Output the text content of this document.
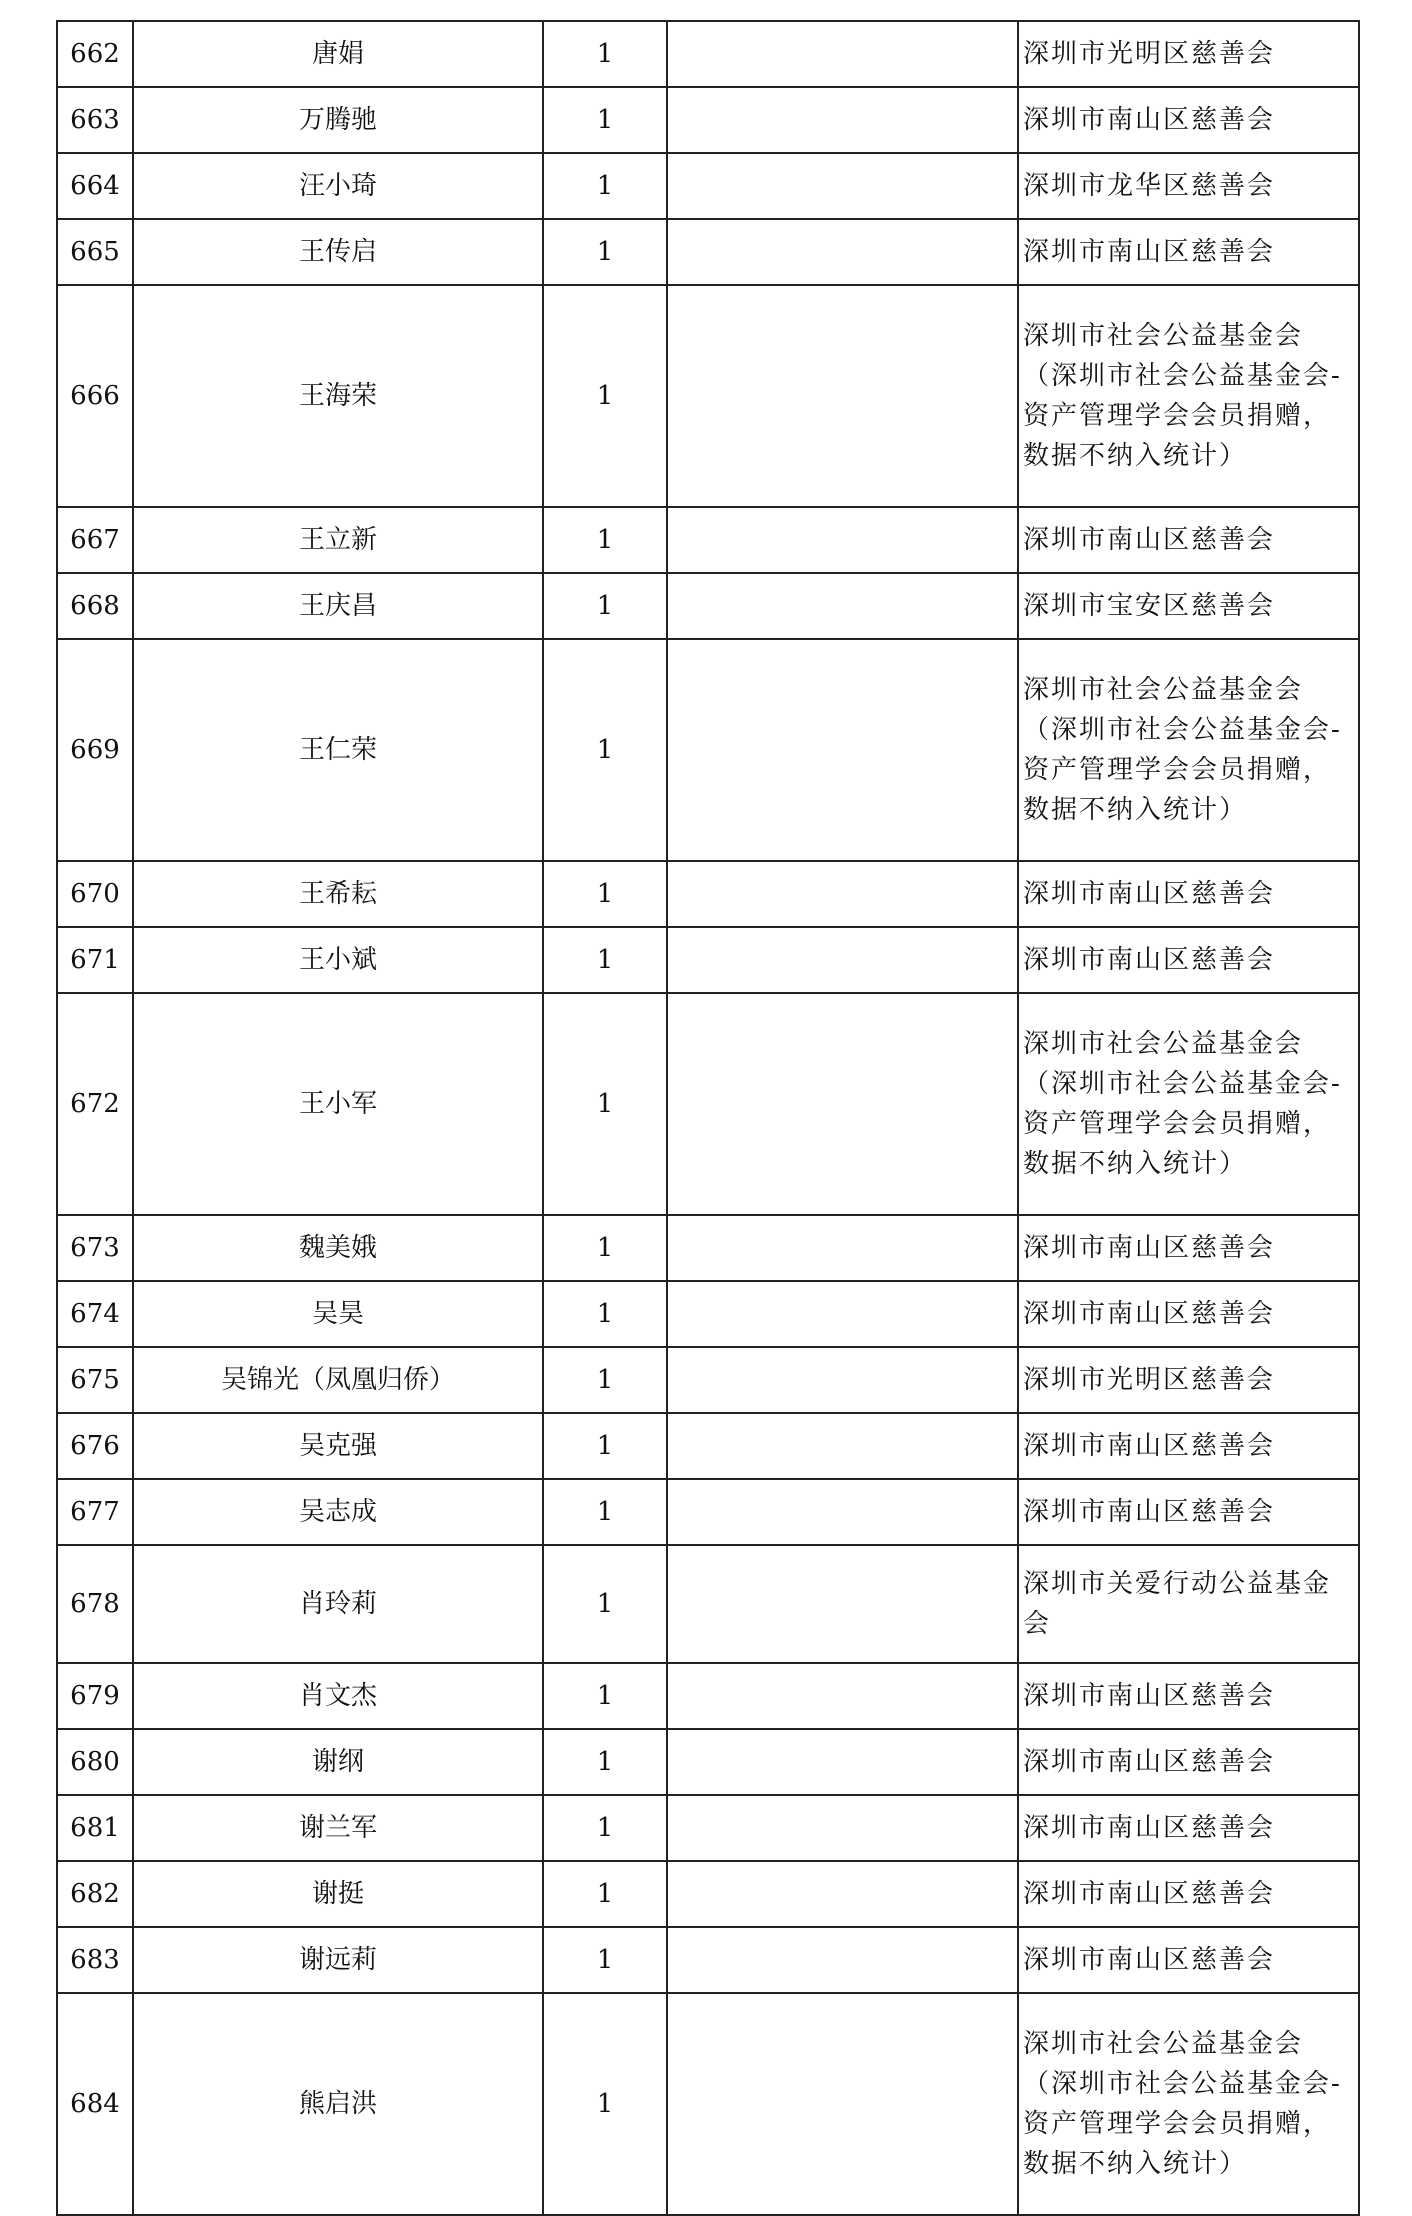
662	唐娟	1		深圳市光明区慈善会
663	万腾驰	1		深圳市南山区慈善会
664	汪小琦	1		深圳市龙华区慈善会
665	王传启	1		深圳市南山区慈善会
666	王海荣	1		深圳市社会公益基金会（深圳市社会公益基金会-资产管理学会会员捐赠，数据不纳入统计）
667	王立新	1		深圳市南山区慈善会
668	王庆昌	1		深圳市宝安区慈善会
669	王仁荣	1		深圳市社会公益基金会（深圳市社会公益基金会-资产管理学会会员捐赠，数据不纳入统计）
670	王希耘	1		深圳市南山区慈善会
671	王小斌	1		深圳市南山区慈善会
672	王小军	1		深圳市社会公益基金会（深圳市社会公益基金会-资产管理学会会员捐赠，数据不纳入统计）
673	魏美娥	1		深圳市南山区慈善会
674	吴昊	1		深圳市南山区慈善会
675	吴锦光（凤凰归侨）	1		深圳市光明区慈善会
676	吴克强	1		深圳市南山区慈善会
677	吴志成	1		深圳市南山区慈善会
678	肖玲莉	1		深圳市关爱行动公益基金会
679	肖文杰	1		深圳市南山区慈善会
680	谢纲	1		深圳市南山区慈善会
681	谢兰军	1		深圳市南山区慈善会
682	谢挺	1		深圳市南山区慈善会
683	谢远莉	1		深圳市南山区慈善会
684	熊启洪	1		深圳市社会公益基金会（深圳市社会公益基金会-资产管理学会会员捐赠，数据不纳入统计）
